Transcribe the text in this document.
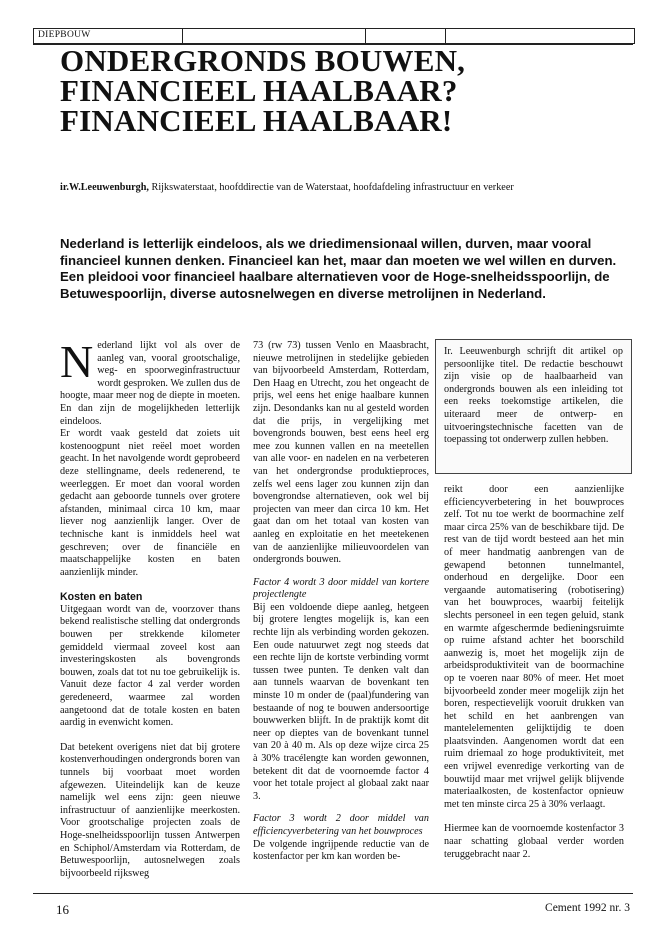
DIEPBOUW
ONDERGRONDS BOUWEN,
FINANCIEEL HAALBAAR?
FINANCIEEL HAALBAAR!
ir.W.Leeuwenburgh, Rijkswaterstaat, hoofddirectie van de Waterstaat, hoofdafdeling infrastructuur en verkeer

Nederland is letterlijk eindeloos, als we driedimensionaal willen, durven, maar vooral financieel kunnen denken. Financieel kan het, maar dan moeten we wel willen en durven.

Een pleidooi voor financieel haalbare alternatieven voor de Hoge-snelheidsspoorlijn, de Betuwespoorlijn, diverse autosnelwegen en diverse metrolijnen in Nederland.

Nederland lijkt vol als over de aanleg van, vooral grootschalige, weg- en spoorweginfrastructuur wordt gesproken. We zullen dus de hoogte, maar meer nog de diepte in moeten. En dan zijn de mogelijkheden letterlijk eindeloos.

Er wordt vaak gesteld dat zoiets uit kostenoogpunt niet reëel moet worden geacht. In het navolgende wordt geprobeerd deze stellingname, deels redenerend, te weerleggen. Er moet dan vooral worden gedacht aan geboorde tunnels over grotere afstanden, minimaal circa 10 km, maar liever nog aanzienlijk langer. Over de technische kant is inmiddels heel wat geschreven; over de financiële en maatschappelijke kosten en baten aanzienlijk minder.

Kosten en baten

Uitgegaan wordt van de, voorzover thans bekend realistische stelling dat ondergronds bouwen per strekkende kilometer gemiddeld viermaal zoveel kost aan investeringskosten als bovengronds bouwen, zoals dat tot nu toe gebruikelijk is. Vanuit deze factor 4 zal verder worden geredeneerd, waarmee zal worden aangetoond dat de totale kosten en baten aardig in evenwicht komen.

Dat betekent overigens niet dat bij grotere kostenverhoudingen ondergronds boren van tunnels bij voorbaat moet worden afgewezen. Uiteindelijk kan de keuze namelijk wel eens zijn: geen nieuwe infrastructuur of aanzienlijke meerkosten. Voor grootschalige projecten zoals de Hoge-snelheidsspoorlijn tussen Antwerpen en Schiphol/Amsterdam via Rotterdam, de Betuwespoorlijn, autosnelwegen zoals bijvoorbeeld rijksweg

73 (rw 73) tussen Venlo en Maasbracht, nieuwe metrolijnen in stedelijke gebieden van bijvoorbeeld Amsterdam, Rotterdam, Den Haag en Utrecht, zou het ongeacht de prijs, wel eens het enige haalbare kunnen zijn. Desondanks kan nu al gesteld worden dat die prijs, in vergelijking met bovengronds bouwen, best eens heel erg mee zou kunnen vallen en na meetellen van alle voor- en nadelen en na verbeteren van het ondergrondse produktieproces, zelfs wel eens lager zou kunnen zijn dan bovengrondse alternatieven, ook wel bij projecten van meer dan circa 10 km. Het gaat dan om het totaal van kosten van aanleg en exploitatie en het meetekenen van de aanzienlijke milieuvoordelen van ondergronds bouwen.

Factor 4 wordt 3 door middel van kortere projectlengte

Bij een voldoende diepe aanleg, hetgeen bij grotere lengtes mogelijk is, kan een rechte lijn als verbinding worden gekozen. Een oude natuurwet zegt nog steeds dat een rechte lijn de kortste verbinding vormt tussen twee punten. Te denken valt dan aan tunnels waarvan de bovenkant ten minste 10 m onder de (paal)fundering van bestaande of nog te bouwen andersoortige bouwwerken blijft. In de praktijk komt dit neer op dieptes van de bovenkant tunnel van 20 à 40 m. Als op deze wijze circa 25 à 30% tracélengte kan worden gewonnen, betekent dit dat de voornoemde factor 4 voor het totale project al globaal zakt naar 3.

Factor 3 wordt 2 door middel van efficiencyverbetering van het bouwproces

De volgende ingrijpende reductie van de kostenfactor per km kan worden be-

Ir. Leeuwenburgh schrijft dit artikel op persoonlijke titel. De redactie beschouwt zijn visie op de haalbaarheid van ondergronds bouwen als een inleiding tot een reeks toekomstige artikelen, die uiteraard meer de ontwerp- en uitvoeringstechnische facetten van de toepassing tot onderwerp zullen hebben.

reikt door een aanzienlijke efficiencyverbetering in het bouwproces zelf. Tot nu toe werkt de boormachine zelf maar circa 25% van de beschikbare tijd. De rest van de tijd wordt besteed aan het min of meer handmatig aanbrengen van de gewapend betonnen tunnelmantel, onderhoud en dergelijke. Door een vergaande automatisering (robotisering) van het bouwproces, waarbij feitelijk slechts personeel in een tegen geluid, stank en warmte afgeschermde bedieningsruimte op ruime afstand achter het boorschild aanwezig is, moet het mogelijk zijn de arbeidsproduktiviteit van de boormachine op te voeren naar 80% of meer. Het moet bijvoorbeeld zonder meer mogelijk zijn het boren, respectievelijk vooruit drukken van het schild en het aanbrengen van mantelelementen gelijktijdig te doen plaatsvinden. Aangenomen wordt dat een ruim driemaal zo hoge produktiviteit, met een vrijwel evenredige verkorting van de bouwtijd maar met vrijwel gelijk blijvende materiaalkosten, de kostenfactor opnieuw met ten minste circa 25 à 30% verlaagt.

Hiermee kan de voornoemde kostenfactor 3 naar schatting globaal verder worden teruggebracht naar 2.

16	Cement 1992 nr. 3
